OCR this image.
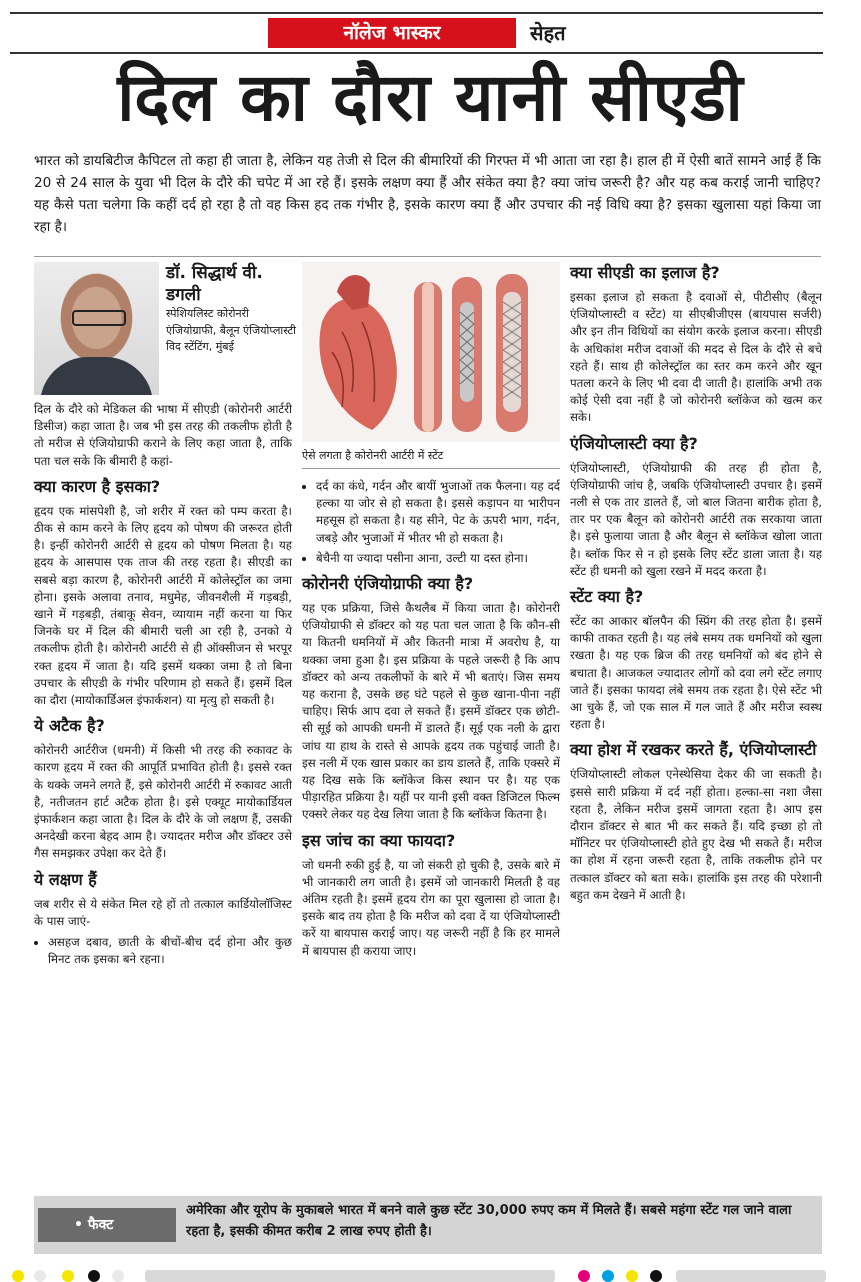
नॉलेज भास्कर	सेहत
दिल का दौरा यानी सीएडी
भारत को डायबिटीज कैपिटल तो कहा ही जाता है, लेकिन यह तेजी से दिल की बीमारियों की गिरफ्त में भी आता जा रहा है। हाल ही में ऐसी बातें सामने आई हैं कि 20 से 24 साल के युवा भी दिल के दौरे की चपेट में आ रहे हैं। इसके लक्षण क्या हैं और संकेत क्या है? क्या जांच जरूरी है? और यह कब कराई जानी चाहिए? यह कैसे पता चलेगा कि कहीं दर्द हो रहा है तो वह किस हद तक गंभीर है, इसके कारण क्या हैं और उपचार की नई विधि क्या है? इसका खुलासा यहां किया जा रहा है।
डॉ. सिद्धार्थ वी. डगली
स्पेशियलिस्ट कोरोनरी एंजियोग्राफी, बैलून एंजियोप्लास्टी विद स्टेंटिंग, मुंबई

दिल के दौरे को मेडिकल की भाषा में सीएडी (कोरोनरी आर्टरी डिसीज) कहा जाता है। जब भी इस तरह की तकलीफ होती है तो मरीज से एंजियोग्राफी कराने के लिए कहा जाता है, ताकि पता चल सके कि बीमारी है कहां-

क्या कारण है इसका?

हृदय एक मांसपेशी है, जो शरीर में रक्त को पम्प करता है। ठीक से काम करने के लिए हृदय को पोषण की जरूरत होती है। इन्हीं कोरोनरी आर्टरी से हृदय को पोषण मिलता है। यह हृदय के आसपास एक ताज की तरह रहता है। सीएडी का सबसे बड़ा कारण है, कोरोनरी आर्टरी में कोलेस्ट्रॉल का जमा होना। इसके अलावा तनाव, मधुमेह, जीवनशैली में गड़बड़ी, खाने में गड़बड़ी, तंबाकू सेवन, व्यायाम नहीं करना या फिर जिनके घर में दिल की बीमारी चली आ रही है, उनको ये तकलीफ होती है। कोरोनरी आर्टरी से ही ऑक्सीजन से भरपूर रक्त हृदय में जाता है। यदि इसमें थक्का जमा है तो बिना उपचार के सीएडी के गंभीर परिणाम हो सकते हैं। इसमें दिल का दौरा (मायोकार्डिअल इंफार्कशन) या मृत्यु हो सकती है।

ये अटैक है?

कोरोनरी आर्टरीज (धमनी) में किसी भी तरह की रुकावट के कारण हृदय में रक्त की आपूर्ति प्रभावित होती है। इससे रक्त के थक्के जमने लगते हैं, इसे कोरोनरी आर्टरी में रुकावट आती है, नतीजतन हार्ट अटैक होता है। इसे एक्यूट मायोकार्डियल इंफार्कशन कहा जाता है। दिल के दौरे के जो लक्षण हैं, उसकी अनदेखी करना बेहद आम है। ज्यादतर मरीज और डॉक्टर उसे गैस समझकर उपेक्षा कर देते हैं।

ये लक्षण हैं

जब शरीर से ये संकेत मिल रहे हों तो तत्काल कार्डियोलॉजिस्ट के पास जाएं-

• असहज दबाव, छाती के बीचों-बीच दर्द होना और कुछ मिनट तक इसका बने रहना।
ऐसे लगता है कोरोनरी आर्टरी में स्टेंट
• दर्द का कंधे, गर्दन और बायीं भुजाओं तक फैलना। यह दर्द हल्का या जोर से हो सकता है। इससे कड़ापन या भारीपन महसूस हो सकता है। यह सीने, पेट के ऊपरी भाग, गर्दन, जबड़े और भुजाओं में भीतर भी हो सकता है।
• बेचैनी या ज्यादा पसीना आना, उल्टी या दस्त होना।
कोरोनरी एंजियोग्राफी क्या है?

यह एक प्रक्रिया, जिसे कैथलैब में किया जाता है। कोरोनरी एंजियोग्राफी से डॉक्टर को यह पता चल जाता है कि कौन-सी या कितनी धमनियों में और कितनी मात्रा में अवरोध है, या थक्का जमा हुआ है। इस प्रक्रिया के पहले जरूरी है कि आप डॉक्टर को अन्य तकलीफों के बारे में भी बताएं। जिस समय यह कराना है, उसके छह घंटे पहले से कुछ खाना-पीना नहीं चाहिए। सिर्फ आप दवा ले सकते हैं। इसमें डॉक्टर एक छोटी-सी सूई को आपकी धमनी में डालते हैं। सूई एक नली के द्वारा जांघ या हाथ के रास्ते से आपके हृदय तक पहुंचाई जाती है। इस नली में एक खास प्रकार का डाय डालते हैं, ताकि एक्सरे में यह दिख सके कि ब्लॉकेज किस स्थान पर है। यह एक पीड़ारहित प्रक्रिया है। यहीं पर यानी इसी वक्त डिजिटल फिल्म एक्सरे लेकर यह देख लिया जाता है कि ब्लॉकेज कितना है।

इस जांच का क्या फायदा?

जो धमनी रुकी हुई है, या जो संकरी हो चुकी है, उसके बारे में भी जानकारी लग जाती है। इसमें जो जानकारी मिलती है वह अंतिम रहती है। इसमें हृदय रोग का पूरा खुलासा हो जाता है। इसके बाद तय होता है कि मरीज को दवा दें या एंजियोप्लास्टी करें या बायपास कराई जाए। यह जरूरी नहीं है कि हर मामले में बायपास ही कराया जाए।

क्या सीएडी का इलाज है?

इसका इलाज हो सकता है दवाओं से, पीटीसीए (बैलून एंजियोप्लास्टी व स्टेंट) या सीएबीजीएस (बायपास सर्जरी) और इन तीन विधियों का संयोग करके इलाज करना। सीएडी के अधिकांश मरीज दवाओं की मदद से दिल के दौरे से बचे रहते हैं। साथ ही कोलेस्ट्रॉल का स्तर कम करने और खून पतला करने के लिए भी दवा दी जाती है। हालांकि अभी तक कोई ऐसी दवा नहीं है जो कोरोनरी ब्लॉकेज को खत्म कर सके।

एंजियोप्लास्टी क्या है?

एंजियोप्लास्टी, एंजियोग्राफी की तरह ही होता है, एंजियोग्राफी जांच है, जबकि एंजियोप्लास्टी उपचार है। इसमें नली से एक तार डालते हैं, जो बाल जितना बारीक होता है, तार पर एक बैलून को कोरोनरी आर्टरी तक सरकाया जाता है। इसे फुलाया जाता है और बैलून से ब्लॉकेज खोला जाता है। ब्लॉक फिर से न हो इसके लिए स्टेंट डाला जाता है। यह स्टेंट ही धमनी को खुला रखने में मदद करता है।

स्टेंट क्या है?

स्टेंट का आकार बॉलपैन की स्प्रिंग की तरह होता है। इसमें काफी ताकत रहती है। यह लंबे समय तक धमनियों को खुला रखता है। यह एक ब्रिज की तरह धमनियों को बंद होने से बचाता है। आजकल ज्यादातर लोगों को दवा लगे स्टेंट लगाए जाते हैं। इसका फायदा लंबे समय तक रहता है। ऐसे स्टेंट भी आ चुके हैं, जो एक साल में गल जाते हैं और मरीज स्वस्थ रहता है।

क्या होश में रखकर करते हैं, एंजियोप्लास्टी

एंजियोप्लास्टी लोकल एनेस्थेसिया देकर की जा सकती है। इससे सारी प्रक्रिया में दर्द नहीं होता। हल्का-सा नशा जैसा रहता है, लेकिन मरीज इसमें जागता रहता है। आप इस दौरान डॉक्टर से बात भी कर सकते हैं। यदि इच्छा हो तो मॉनिटर पर एंजियोप्लास्टी होते हुए देख भी सकते हैं। मरीज का होश में रहना जरूरी रहता है, ताकि तकलीफ होने पर तत्काल डॉक्टर को बता सके। हालांकि इस तरह की परेशानी बहुत कम देखने में आती है।

• फैक्ट
अमेरिका और यूरोप के मुकाबले भारत में बनने वाले कुछ स्टेंट 30,000 रुपए कम में मिलते हैं। सबसे महंगा स्टेंट गल जाने वाला रहता है, इसकी कीमत करीब 2 लाख रुपए होती है।
